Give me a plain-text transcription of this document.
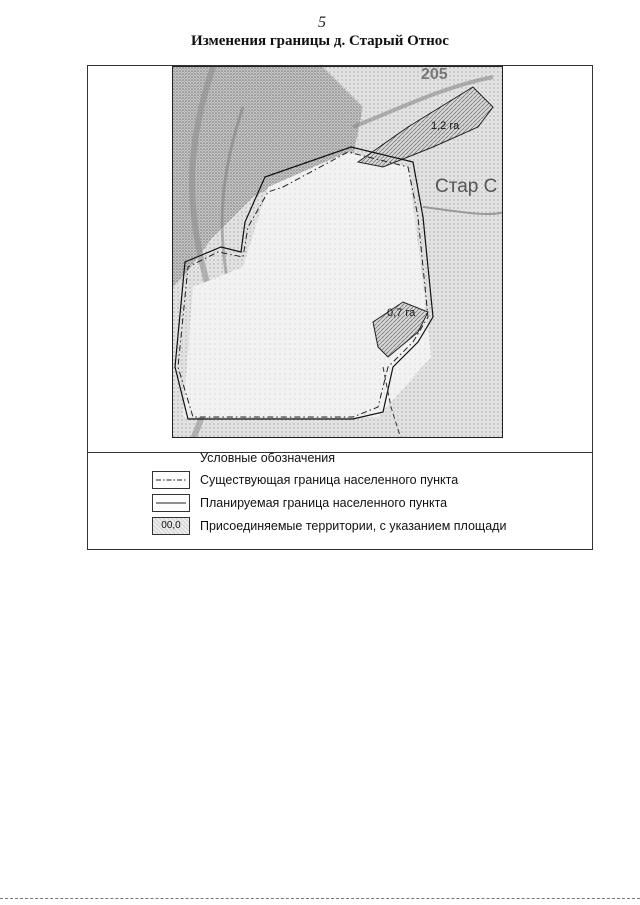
5
Изменения границы д. Старый Относ
205
1,2 га
Стар С
0,7 га
Условные обозначения
Существующая граница населенного пункта
Планируемая граница населенного пункта
00,0	Присоединяемые территории, с указанием площади
